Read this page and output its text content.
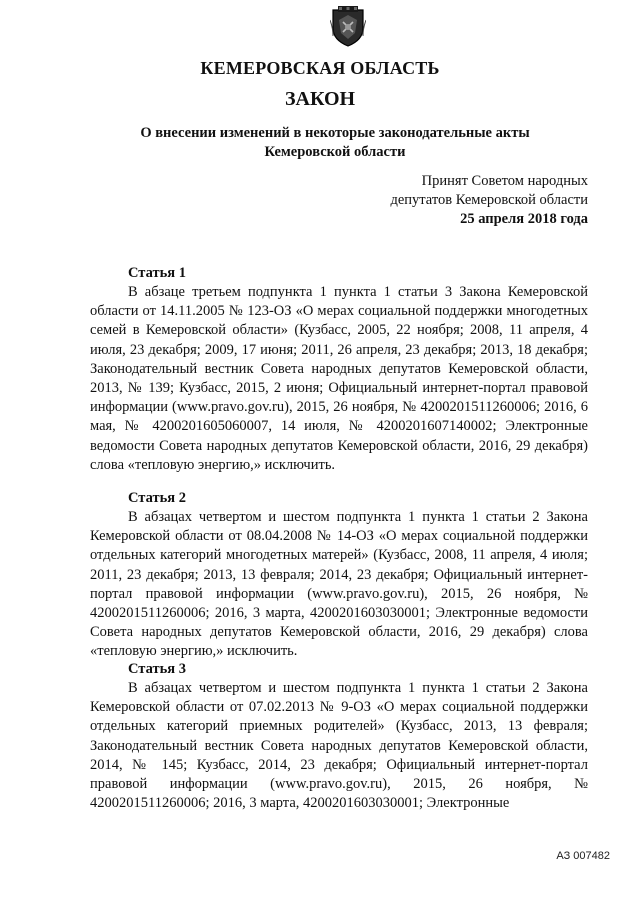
КЕМЕРОВСКАЯ ОБЛАСТЬ
ЗАКОН
О внесении изменений в некоторые законодательные акты
Кемеровской области
Принят Советом народных
депутатов Кемеровской области
25 апреля 2018 года
Статья 1

В абзаце третьем подпункта 1 пункта 1 статьи 3 Закона Кемеровской области от 14.11.2005 № 123-ОЗ «О мерах социальной поддержки многодетных семей в Кемеровской области» (Кузбасс, 2005, 22 ноября; 2008, 11 апреля, 4 июля, 23 декабря; 2009, 17 июня; 2011, 26 апреля, 23 декабря; 2013, 18 декабря; Законодательный вестник Совета народных депутатов Кемеровской области, 2013, № 139; Кузбасс, 2015, 2 июня; Официальный интернет-портал правовой информации (www.pravo.gov.ru), 2015, 26 ноября, № 4200201511260006; 2016, 6 мая, № 4200201605060007, 14 июля, № 4200201607140002; Электронные ведомости Совета народных депутатов Кемеровской области, 2016, 29 декабря) слова «тепловую энергию,» исключить.

Статья 2

В абзацах четвертом и шестом подпункта 1 пункта 1 статьи 2 Закона Кемеровской области от 08.04.2008 № 14-ОЗ «О мерах социальной поддержки отдельных категорий многодетных матерей» (Кузбасс, 2008, 11 апреля, 4 июля; 2011, 23 декабря; 2013, 13 февраля; 2014, 23 декабря; Официальный интернет-портал правовой информации (www.pravo.gov.ru), 2015, 26 ноября, № 4200201511260006; 2016, 3 марта, 4200201603030001; Электронные ведомости Совета народных депутатов Кемеровской области, 2016, 29 декабря) слова «тепловую энергию,» исключить.

Статья 3

В абзацах четвертом и шестом подпункта 1 пункта 1 статьи 2 Закона Кемеровской области от 07.02.2013 № 9-ОЗ «О мерах социальной поддержки отдельных категорий приемных родителей» (Кузбасс, 2013, 13 февраля; Законодательный вестник Совета народных депутатов Кемеровской области, 2014, № 145; Кузбасс, 2014, 23 декабря; Официальный интернет-портал правовой информации (www.pravo.gov.ru), 2015, 26 ноября, № 4200201511260006; 2016, 3 марта, 4200201603030001; Электронные

АЗ 007482
